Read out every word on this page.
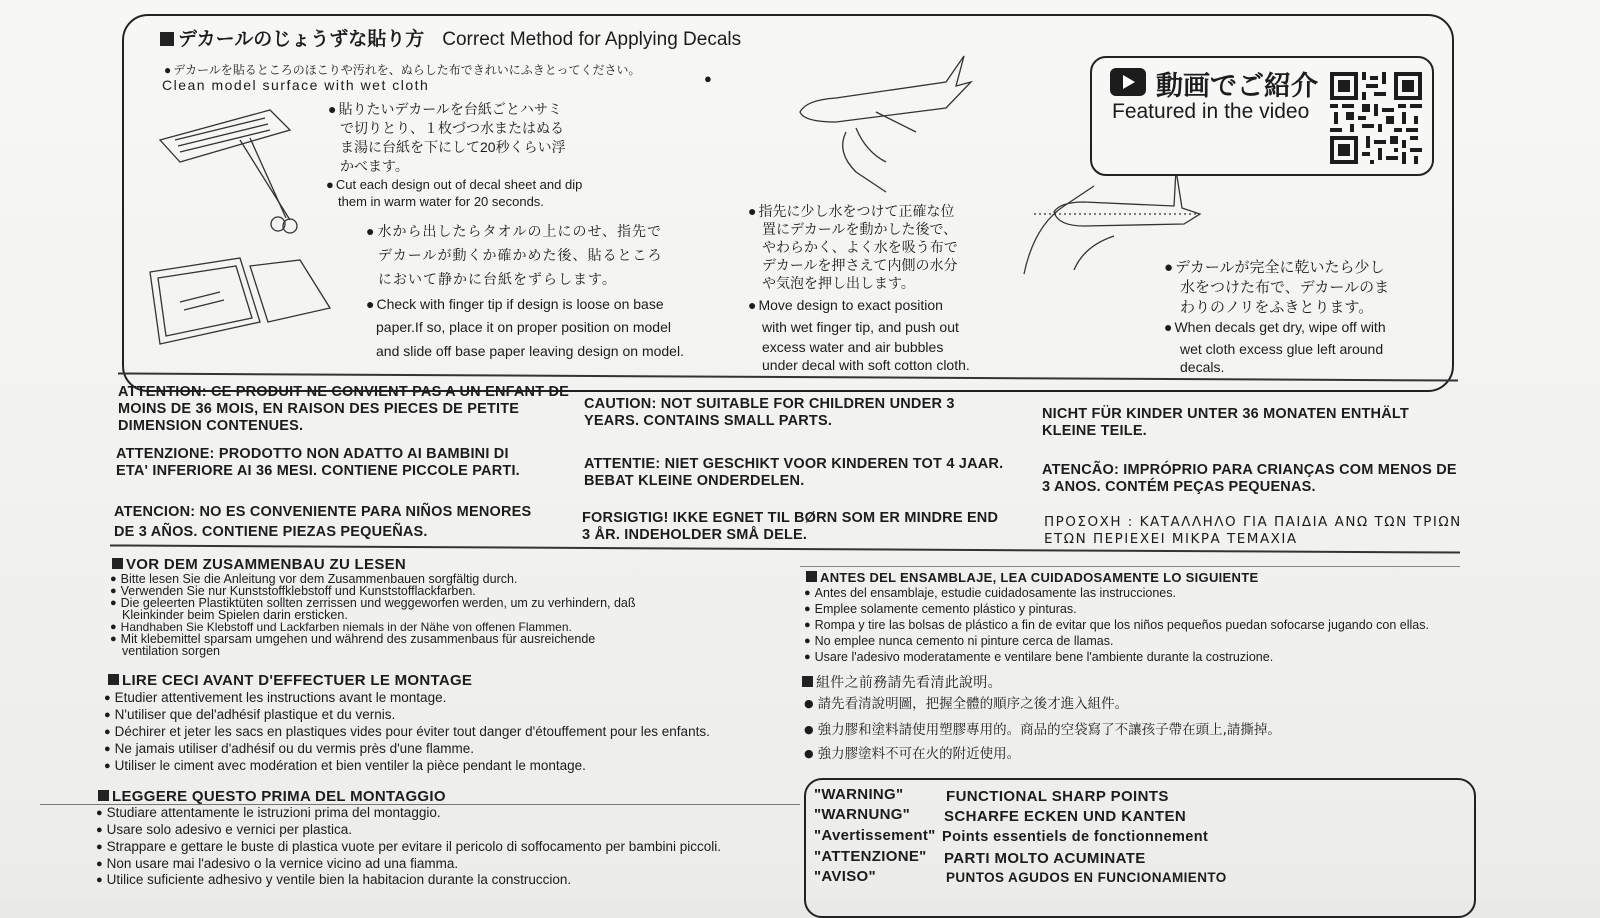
デカールのじょうずな貼り方 Correct Method for Applying Decals
● デカールを貼るところのほこりや汚れを、ぬらした布できれいにふきとってください。
●
Clean model surface with wet cloth
● 貼りたいデカールを台紙ごとハサミ
で切りとり、１枚づつ水またはぬる
ま湯に台紙を下にして20秒くらい浮
かべます。
● Cut each design out of decal sheet and dip
them in warm water for 20 seconds.
● 水から出したらタオルの上にのせ、指先で
デカールが動くか確かめた後、貼るところ
において静かに台紙をずらします。
● Check with finger tip if design is loose on base
paper.If so, place it on proper position on model
and slide off base paper leaving design on model.
● 指先に少し水をつけて正確な位
置にデカールを動かした後で、
やわらかく、よく水を吸う布で
デカールを押さえて内側の水分
や気泡を押し出します。
● Move design to exact position
with wet finger tip, and push out
excess water and air bubbles
under decal with soft cotton cloth.
● デカールが完全に乾いたら少し
水をつけた布で、デカールのま
わりのノリをふきとります。
● When decals get dry, wipe off with
wet cloth excess glue left around
decals.
動画でご紹介
Featured in the video
ATTENTION: CE PRODUIT NE CONVIENT PAS A UN ENFANT DE
MOINS DE 36 MOIS, EN RAISON DES PIECES DE PETITE
DIMENSION CONTENUES.
CAUTION: NOT SUITABLE FOR CHILDREN UNDER 3
YEARS. CONTAINS SMALL PARTS.	NICHT FÜR KINDER UNTER 36 MONATEN ENTHÄLT
KLEINE TEILE.
ATTENZIONE: PRODOTTO NON ADATTO AI BAMBINI DI
ETA' INFERIORE AI 36 MESI. CONTIENE PICCOLE PARTI.	ATTENTIE: NIET GESCHIKT VOOR KINDEREN TOT 4 JAAR.
BEBAT KLEINE ONDERDELEN.
ATENCÃO: IMPRÓPRIO PARA CRIANÇAS COM MENOS DE
3 ANOS. CONTÉM PEÇAS PEQUENAS.
ATENCION: NO ES CONVENIENTE PARA NIÑOS MENORES
DE 3 AÑOS. CONTIENE PIEZAS PEQUEÑAS.
FORSIGTIG! IKKE EGNET TIL BØRN SOM ER MINDRE END
3 ÅR. INDEHOLDER SMÅ DELE.
ΠΡΟΣΟΧΗ : ΚΑΤΑΛΛΗΛΟ ΓΙΑ ΠΑΙΔΙΑ ΑΝΩ ΤΩΝ ΤΡΙΩΝ
ΕΤΩΝ ΠΕΡΙΕΧΕΙ ΜΙΚΡΑ ΤΕΜΑΧΙΑ
VOR DEM ZUSAMMENBAU ZU LESEN
● Bitte lesen Sie die Anleitung vor dem Zusammenbauen sorgfältig durch.
● Verwenden Sie nur Kunststoffklebstoff und Kunststofflackfarben.
● Die geleerten Plastiktüten sollten zerrissen und weggeworfen werden, um zu verhindern, daß
Kleinkinder beim Spielen darin ersticken.
● Handhaben Sie Klebstoff und Lackfarben niemals in der Nähe von offenen Flammen.
● Mit klebemittel sparsam umgehen und während des zusammenbaus für ausreichende
ventilation sorgen
LIRE CECI AVANT D'EFFECTUER LE MONTAGE
● Etudier attentivement les instructions avant le montage.
● N'utiliser que del'adhésif plastique et du vernis.
● Déchirer et jeter les sacs en plastiques vides pour éviter tout danger d'étouffement pour les enfants.
● Ne jamais utiliser d'adhésif ou du vermis près d'une flamme.
● Utiliser le ciment avec modération et bien ventiler la pièce pendant le montage.
LEGGERE QUESTO PRIMA DEL MONTAGGIO
● Studiare attentamente le istruzioni prima del montaggio.
● Usare solo adesivo e vernici per plastica.
● Strappare e gettare le buste di plastica vuote per evitare il pericolo di soffocamento per bambini piccoli.
● Non usare mai l'adesivo o la vernice vicino ad una fiamma.
● Utilice suficiente adhesivo y ventile bien la habitacion durante la construccion.
ANTES DEL ENSAMBLAJE, LEA CUIDADOSAMENTE LO SIGUIENTE
● Antes del ensamblaje, estudie cuidadosamente las instrucciones.
● Emplee solamente cemento plástico y pinturas.
● Rompa y tire las bolsas de plástico a fin de evitar que los niños pequeños puedan sofocarse jugando con ellas.
● No emplee nunca cemento ni pinture cerca de llamas.
● Usare l'adesivo moderatamente e ventilare bene l'ambiente durante la costruzione.
組件之前務請先看清此說明。
● 請先看清說明圖，把握全體的順序之後才進入組件。
● 強力膠和塗料請使用塑膠專用的。商品的空袋寫了不讓孩子帶在頭上,請撕掉。
● 強力膠塗料不可在火的附近使用。
"WARNING"	FUNCTIONAL SHARP POINTS
"WARNUNG" SCHARFE ECKEN UND KANTEN
"Avertissement" Points essentiels de fonctionnement
"ATTENZIONE" PARTI MOLTO ACUMINATE
"AVISO"	PUNTOS AGUDOS EN FUNCIONAMIENTO
